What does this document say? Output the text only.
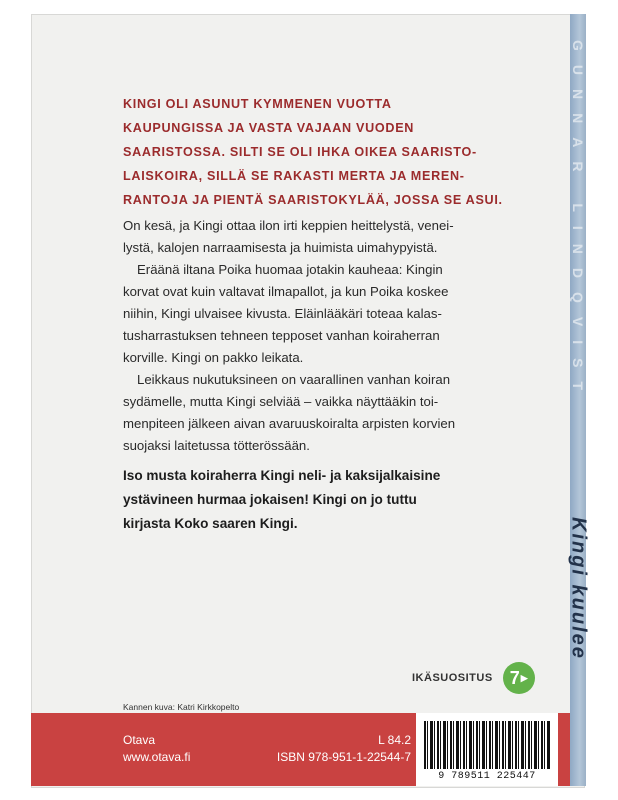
GUNNAR LINDQVIST
Kingi kuulee
KINGI OLI ASUNUT KYMMENEN VUOTTA
KAUPUNGISSA JA VASTA VAJAAN VUODEN
SAARISTOSSA. SILTI SE OLI IHKA OIKEA SAARISTO-
LAISKOIRA, SILLÄ SE RAKASTI MERTA JA MEREN-
RANTOJA JA PIENTÄ SAARISTOKYLÄÄ, JOSSA SE ASUI.

On kesä, ja Kingi ottaa ilon irti keppien heittelystä, venei-
lystä, kalojen narraamisesta ja huimista uimahypyistä.

Eräänä iltana Poika huomaa jotakin kauheaa: Kingin
korvat ovat kuin valtavat ilmapallot, ja kun Poika koskee
niihin, Kingi ulvaisee kivusta. Eläinlääkäri toteaa kalas-
tusharrastuksen tehneen tepposet vanhan koiraherran
korville. Kingi on pakko leikata.

Leikkaus nukutuksineen on vaarallinen vanhan koiran
sydämelle, mutta Kingi selviää – vaikka näyttääkin toi-
menpiteen jälkeen aivan avaruuskoiralta arpisten korvien
suojaksi laitetussa tötterössään.

Iso musta koiraherra Kingi neli- ja kaksijalkaisine
ystävineen hurmaa jokaisen! Kingi on jo tuttu
kirjasta Koko saaren Kingi.
IKÄSUOSITUS 7 ▶
Kannen kuva: Katri Kirkkopelto
Otava
www.otava.fi
L 84.2
ISBN 978-951-1-22544-7
9 789511 225447
